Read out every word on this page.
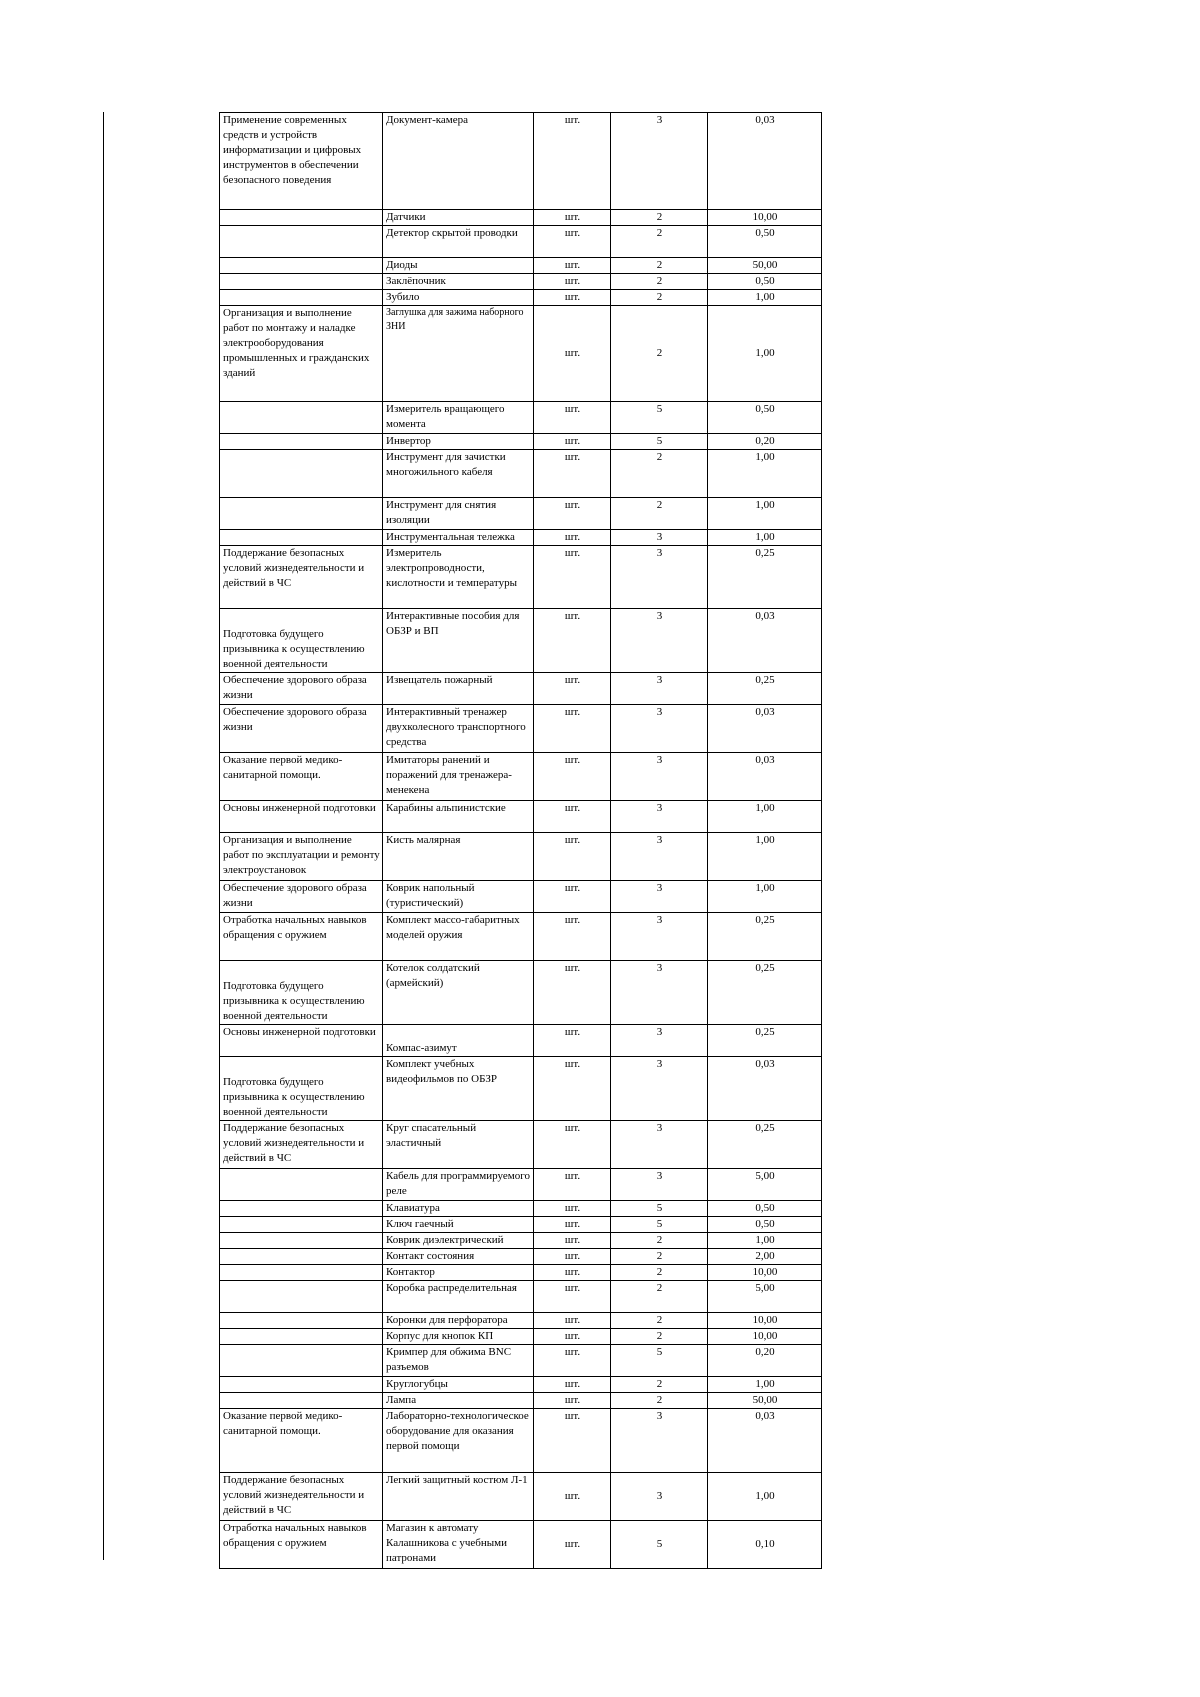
Применение современных средств и устройств информатизации и цифровых инструментов в обеспечении безопасного поведения	Документ-камера	шт.	3	0,03
	Датчики	шт.	2	10,00
	Детектор скрытой проводки	шт.	2	0,50
	Диоды	шт.	2	50,00
	Заклёпочник	шт.	2	0,50
	Зубило	шт.	2	1,00
Организация и выполнение работ по монтажу и наладке электрооборудования промышленных и гражданских зданий	Заглушка для зажима наборного ЗНИ	шт.	2	1,00
	Измеритель вращающего момента	шт.	5	0,50
	Инвертор	шт.	5	0,20
	Инструмент для зачистки многожильного кабеля	шт.	2	1,00
	Инструмент для снятия изоляции	шт.	2	1,00
	Инструментальная тележка	шт.	3	1,00
Поддержание безопасных условий жизнедеятельности и действий в ЧС	Измеритель электропроводности, кислотности и температуры	шт.	3	0,25
Подготовка будущего призывника к осуществлению военной деятельности	Интерактивные пособия для ОБЗР и ВП	шт.	3	0,03
Обеспечение здорового образа жизни	Извещатель пожарный	шт.	3	0,25
Обеспечение здорового образа жизни	Интерактивный тренажер двухколесного транспортного средства	шт.	3	0,03
Оказание первой медико-санитарной помощи.	Имитаторы ранений и поражений для тренажера-менекена	шт.	3	0,03
Основы инженерной подготовки	Карабины альпинистские	шт.	3	1,00
Организация и выполнение работ по эксплуатации и ремонту электроустановок	Кисть малярная	шт.	3	1,00
Обеспечение здорового образа жизни	Коврик напольный (туристический)	шт.	3	1,00
Отработка начальных навыков обращения с оружием	Комплект массо-габаритных моделей оружия	шт.	3	0,25
Подготовка будущего призывника к осуществлению военной деятельности	Котелок солдатский (армейский)	шт.	3	0,25
Основы инженерной подготовки	Компас-азимут	шт.	3	0,25
Подготовка будущего призывника к осуществлению военной деятельности	Комплект учебных видеофильмов по ОБЗР	шт.	3	0,03
Поддержание безопасных условий жизнедеятельности и действий в ЧС	Круг спасательный эластичный	шт.	3	0,25
	Кабель для программируемого реле	шт.	3	5,00
	Клавиатура	шт.	5	0,50
	Ключ гаечный	шт.	5	0,50
	Коврик диэлектрический	шт.	2	1,00
	Контакт состояния	шт.	2	2,00
	Контактор	шт.	2	10,00
	Коробка распределительная	шт.	2	5,00
	Коронки для перфоратора	шт.	2	10,00
	Корпус для кнопок КП	шт.	2	10,00
	Кримпер для обжима BNC разъемов	шт.	5	0,20
	Круглогубцы	шт.	2	1,00
	Лампа	шт.	2	50,00
Оказание первой медико-санитарной помощи.	Лабораторно-технологическое оборудование для оказания первой помощи	шт.	3	0,03
Поддержание безопасных условий жизнедеятельности и действий в ЧС	Легкий защитный костюм Л-1	шт.	3	1,00
Отработка начальных навыков обращения с оружием	Магазин к автомату Калашникова с учебными патронами	шт.	5	0,10
